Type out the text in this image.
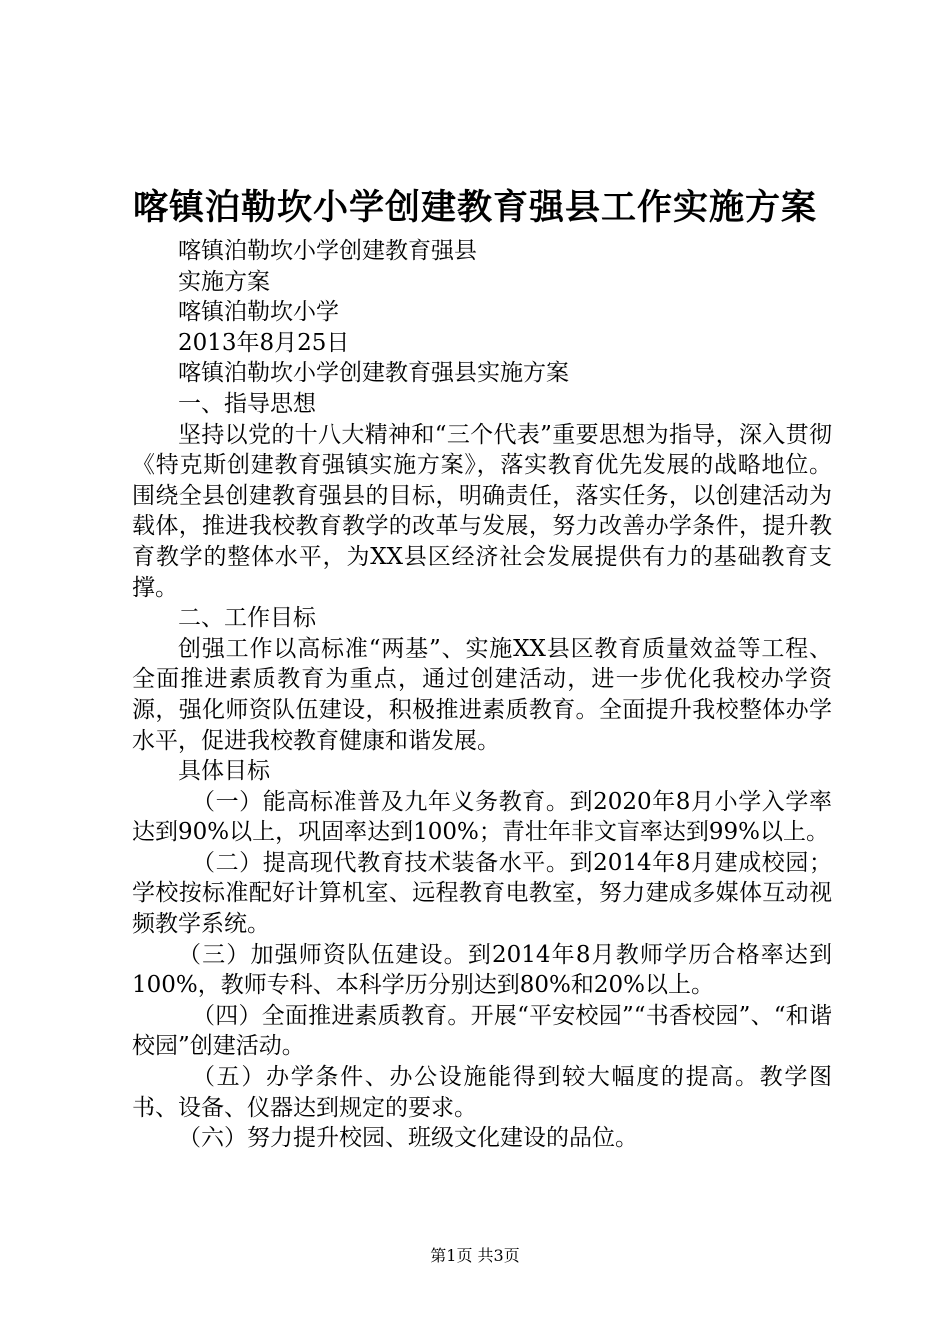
喀镇泊勒坎小学创建教育强县工作实施方案

喀镇泊勒坎小学创建教育强县

实施方案

喀镇泊勒坎小学

2013年8月25日

喀镇泊勒坎小学创建教育强县实施方案

一、指导思想

坚持以党的十八大精神和“三个代表”重要思想为指导，深入贯彻《特克斯创建教育强镇实施方案》，落实教育优先发展的战略地位。围绕全县创建教育强县的目标，明确责任，落实任务，以创建活动为载体，推进我校教育教学的改革与发展，努力改善办学条件，提升教育教学的整体水平，为XX县区经济社会发展提供有力的基础教育支撑。

二、工作目标

创强工作以高标准“两基”、实施XX县区教育质量效益等工程、全面推进素质教育为重点，通过创建活动，进一步优化我校办学资源，强化师资队伍建设，积极推进素质教育。全面提升我校整体办学水平，促进我校教育健康和谐发展。

具体目标

（一）能高标准普及九年义务教育。到2020年8月小学入学率达到90%以上，巩固率达到100%；青壮年非文盲率达到99%以上。

（二）提高现代教育技术装备水平。到2014年8月建成校园；学校按标准配好计算机室、远程教育电教室，努力建成多媒体互动视频教学系统。

（三）加强师资队伍建设。到2014年8月教师学历合格率达到100%，教师专科、本科学历分别达到80%和20%以上。

（四）全面推进素质教育。开展“平安校园”“书香校园”、“和谐校园”创建活动。

（五）办学条件、办公设施能得到较大幅度的提高。教学图书、设备、仪器达到规定的要求。

（六）努力提升校园、班级文化建设的品位。

第1页 共3页
